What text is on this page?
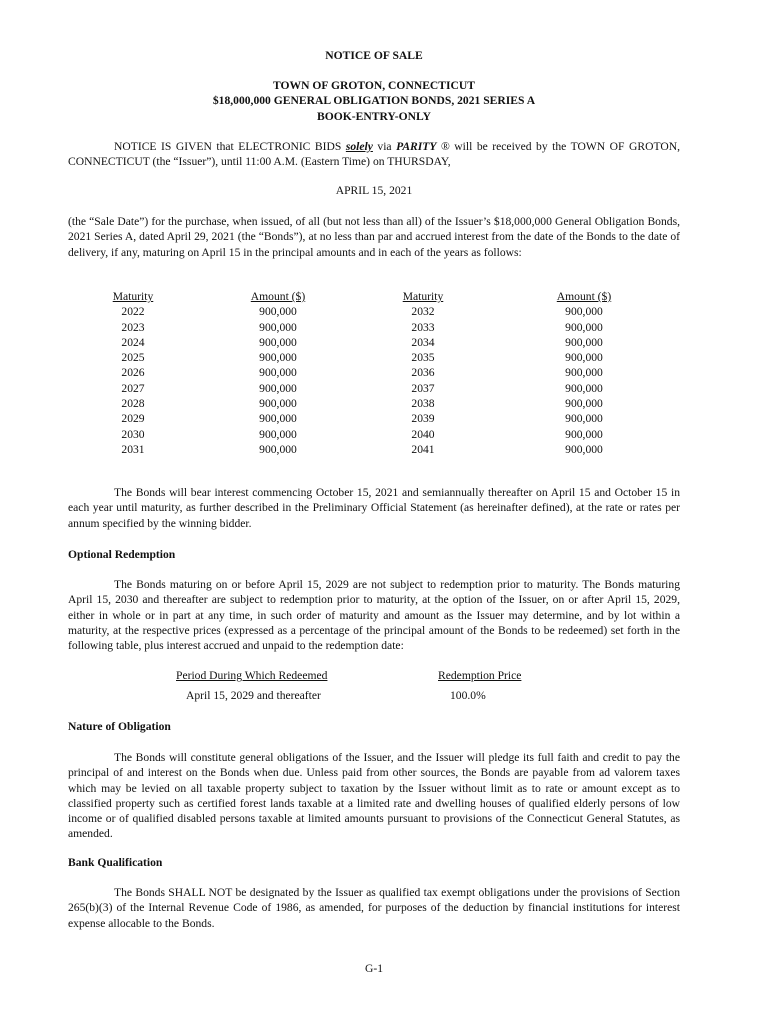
NOTICE OF SALE
TOWN OF GROTON, CONNECTICUT
$18,000,000 GENERAL OBLIGATION BONDS, 2021 SERIES A
BOOK-ENTRY-ONLY

NOTICE IS GIVEN that ELECTRONIC BIDS solely via PARITY ® will be received by the TOWN OF GROTON, CONNECTICUT (the “Issuer”), until 11:00 A.M. (Eastern Time) on THURSDAY,

APRIL 15, 2021

(the “Sale Date”) for the purchase, when issued, of all (but not less than all) of the Issuer’s $18,000,000 General Obligation Bonds, 2021 Series A, dated April 29, 2021 (the “Bonds”), at no less than par and accrued interest from the date of the Bonds to the date of delivery, if any, maturing on April 15 in the principal amounts and in each of the years as follows:

Maturity	Amount ($)	Maturity	Amount ($)
2022	900,000	2032	900,000
2023	900,000	2033	900,000
2024	900,000	2034	900,000
2025	900,000	2035	900,000
2026	900,000	2036	900,000
2027	900,000	2037	900,000
2028	900,000	2038	900,000
2029	900,000	2039	900,000
2030	900,000	2040	900,000
2031	900,000	2041	900,000

The Bonds will bear interest commencing October 15, 2021 and semiannually thereafter on April 15 and October 15 in each year until maturity, as further described in the Preliminary Official Statement (as hereinafter defined), at the rate or rates per annum specified by the winning bidder.

Optional Redemption

The Bonds maturing on or before April 15, 2029 are not subject to redemption prior to maturity. The Bonds maturing April 15, 2030 and thereafter are subject to redemption prior to maturity, at the option of the Issuer, on or after April 15, 2029, either in whole or in part at any time, in such order of maturity and amount as the Issuer may determine, and by lot within a maturity, at the respective prices (expressed as a percentage of the principal amount of the Bonds to be redeemed) set forth in the following table, plus interest accrued and unpaid to the redemption date:

Period During Which Redeemed	Redemption Price
April 15, 2029 and thereafter	100.0%
Nature of Obligation

The Bonds will constitute general obligations of the Issuer, and the Issuer will pledge its full faith and credit to pay the principal of and interest on the Bonds when due. Unless paid from other sources, the Bonds are payable from ad valorem taxes which may be levied on all taxable property subject to taxation by the Issuer without limit as to rate or amount except as to classified property such as certified forest lands taxable at a limited rate and dwelling houses of qualified elderly persons of low income or of qualified disabled persons taxable at limited amounts pursuant to provisions of the Connecticut General Statutes, as amended.

Bank Qualification

The Bonds SHALL NOT be designated by the Issuer as qualified tax exempt obligations under the provisions of Section 265(b)(3) of the Internal Revenue Code of 1986, as amended, for purposes of the deduction by financial institutions for interest expense allocable to the Bonds.

G-1
